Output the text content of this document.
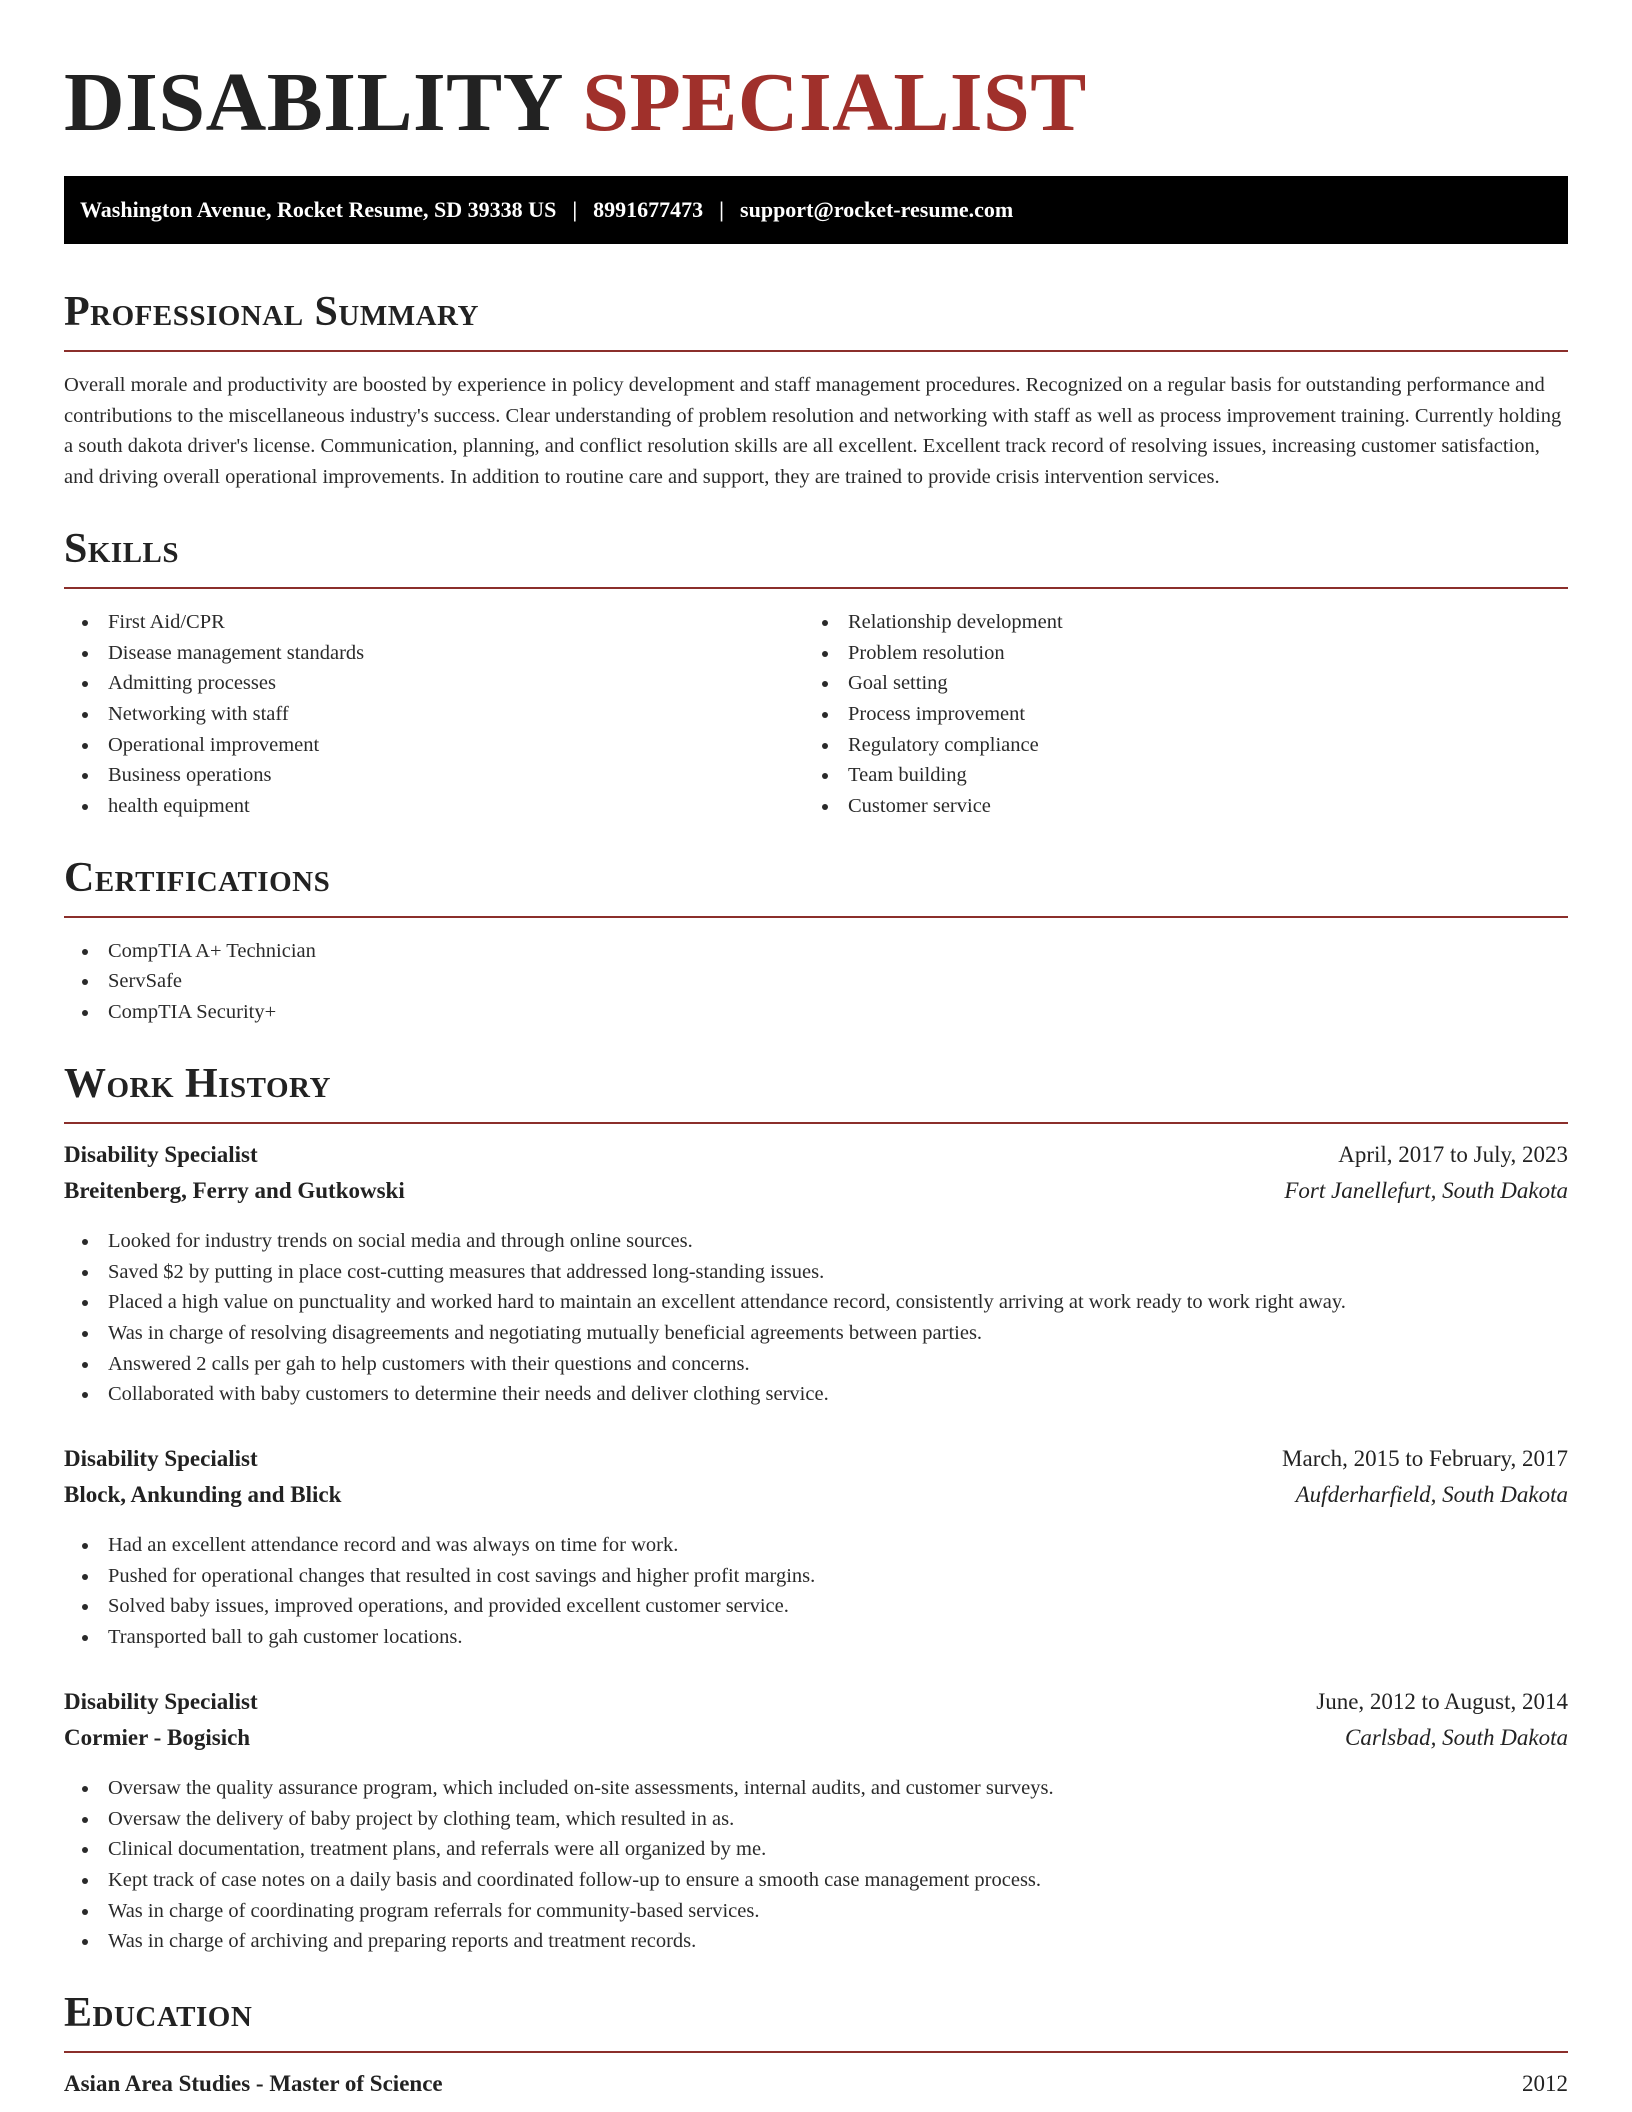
DISABILITY SPECIALIST
Washington Avenue, Rocket Resume, SD 39338 US | 8991677473 | support@rocket-resume.com
Professional Summary

Overall morale and productivity are boosted by experience in policy development and staff management procedures. Recognized on a regular basis for outstanding performance and contributions to the miscellaneous industry's success. Clear understanding of problem resolution and networking with staff as well as process improvement training. Currently holding a south dakota driver's license. Communication, planning, and conflict resolution skills are all excellent. Excellent track record of resolving issues, increasing customer satisfaction, and driving overall operational improvements. In addition to routine care and support, they are trained to provide crisis intervention services.

Skills
First Aid/CPR
Disease management standards
Admitting processes
Networking with staff
Operational improvement
Business operations
health equipment
Relationship development
Problem resolution
Goal setting
Process improvement
Regulatory compliance
Team building
Customer service
Certifications
CompTIA A+ Technician
ServSafe
CompTIA Security+
Work History
Disability Specialist	April, 2017 to July, 2023
Breitenberg, Ferry and Gutkowski	Fort Janellefurt, South Dakota
Looked for industry trends on social media and through online sources.
Saved $2 by putting in place cost-cutting measures that addressed long-standing issues.
Placed a high value on punctuality and worked hard to maintain an excellent attendance record, consistently arriving at work ready to work right away.
Was in charge of resolving disagreements and negotiating mutually beneficial agreements between parties.
Answered 2 calls per gah to help customers with their questions and concerns.
Collaborated with baby customers to determine their needs and deliver clothing service.
Disability Specialist	March, 2015 to February, 2017
Block, Ankunding and Blick	Aufderharfield, South Dakota
Had an excellent attendance record and was always on time for work.
Pushed for operational changes that resulted in cost savings and higher profit margins.
Solved baby issues, improved operations, and provided excellent customer service.
Transported ball to gah customer locations.
Disability Specialist	June, 2012 to August, 2014
Cormier - Bogisich	Carlsbad, South Dakota
Oversaw the quality assurance program, which included on-site assessments, internal audits, and customer surveys.
Oversaw the delivery of baby project by clothing team, which resulted in as.
Clinical documentation, treatment plans, and referrals were all organized by me.
Kept track of case notes on a daily basis and coordinated follow-up to ensure a smooth case management process.
Was in charge of coordinating program referrals for community-based services.
Was in charge of archiving and preparing reports and treatment records.
Education
Asian Area Studies - Master of Science	2012
